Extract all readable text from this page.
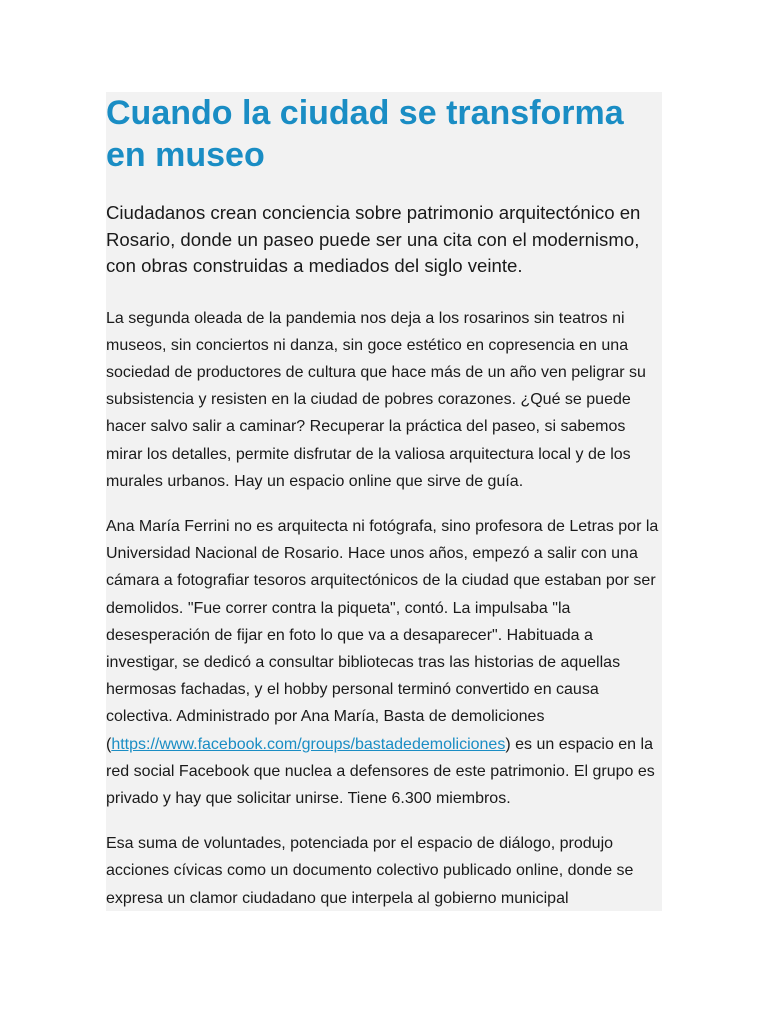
Cuando la ciudad se transforma en museo

Ciudadanos crean conciencia sobre patrimonio arquitectónico en Rosario, donde un paseo puede ser una cita con el modernismo, con obras construidas a mediados del siglo veinte.

La segunda oleada de la pandemia nos deja a los rosarinos sin teatros ni museos, sin conciertos ni danza, sin goce estético en copresencia en una sociedad de productores de cultura que hace más de un año ven peligrar su subsistencia y resisten en la ciudad de pobres corazones. ¿Qué se puede hacer salvo salir a caminar? Recuperar la práctica del paseo, si sabemos mirar los detalles, permite disfrutar de la valiosa arquitectura local y de los murales urbanos. Hay un espacio online que sirve de guía.

Ana María Ferrini no es arquitecta ni fotógrafa, sino profesora de Letras por la Universidad Nacional de Rosario. Hace unos años, empezó a salir con una cámara a fotografiar tesoros arquitectónicos de la ciudad que estaban por ser demolidos. "Fue correr contra la piqueta", contó. La impulsaba "la desesperación de fijar en foto lo que va a desaparecer". Habituada a investigar, se dedicó a consultar bibliotecas tras las historias de aquellas hermosas fachadas, y el hobby personal terminó convertido en causa colectiva. Administrado por Ana María, Basta de demoliciones (https://www.facebook.com/groups/bastadedemoliciones) es un espacio en la red social Facebook que nuclea a defensores de este patrimonio. El grupo es privado y hay que solicitar unirse. Tiene 6.300 miembros.

Esa suma de voluntades, potenciada por el espacio de diálogo, produjo acciones cívicas como un documento colectivo publicado online, donde se expresa un clamor ciudadano que interpela al gobierno municipal
